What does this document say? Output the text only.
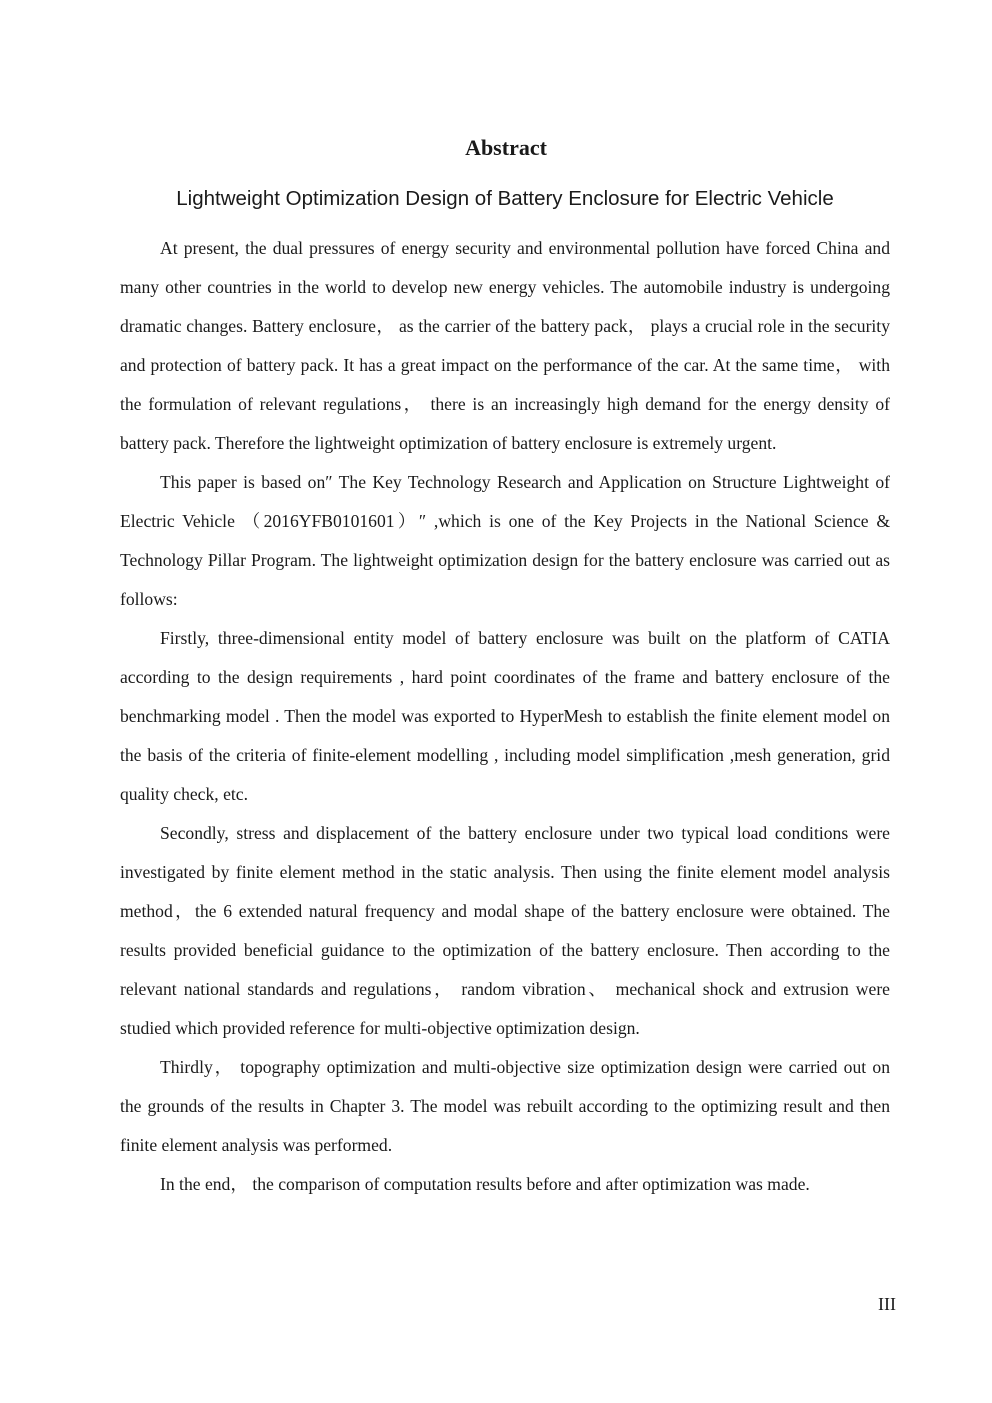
Abstract
Lightweight Optimization Design of Battery Enclosure for Electric Vehicle

At present, the dual pressures of energy security and environmental pollution have forced China and many other countries in the world to develop new energy vehicles. The automobile industry is undergoing dramatic changes. Battery enclosure， as the carrier of the battery pack， plays a crucial role in the security and protection of battery pack. It has a great impact on the performance of the car. At the same time， with the formulation of relevant regulations， there is an increasingly high demand for the energy density of battery pack. Therefore the lightweight optimization of battery enclosure is extremely urgent.

This paper is based on″ The Key Technology Research and Application on Structure Lightweight of Electric Vehicle （2016YFB0101601）″ ,which is one of the Key Projects in the National Science & Technology Pillar Program. The lightweight optimization design for the battery enclosure was carried out as follows:

Firstly, three-dimensional entity model of battery enclosure was built on the platform of CATIA according to the design requirements , hard point coordinates of the frame and battery enclosure of the benchmarking model . Then the model was exported to HyperMesh to establish the finite element model on the basis of the criteria of finite-element modelling , including model simplification ,mesh generation, grid quality check, etc.

Secondly, stress and displacement of the battery enclosure under two typical load conditions were investigated by finite element method in the static analysis. Then using the finite element model analysis method，the 6 extended natural frequency and modal shape of the battery enclosure were obtained. The results provided beneficial guidance to the optimization of the battery enclosure. Then according to the relevant national standards and regulations， random vibration、 mechanical shock and extrusion were studied which provided reference for multi-objective optimization design.

Thirdly， topography optimization and multi-objective size optimization design were carried out on the grounds of the results in Chapter 3. The model was rebuilt according to the optimizing result and then finite element analysis was performed.

In the end， the comparison of computation results before and after optimization was made.

III
